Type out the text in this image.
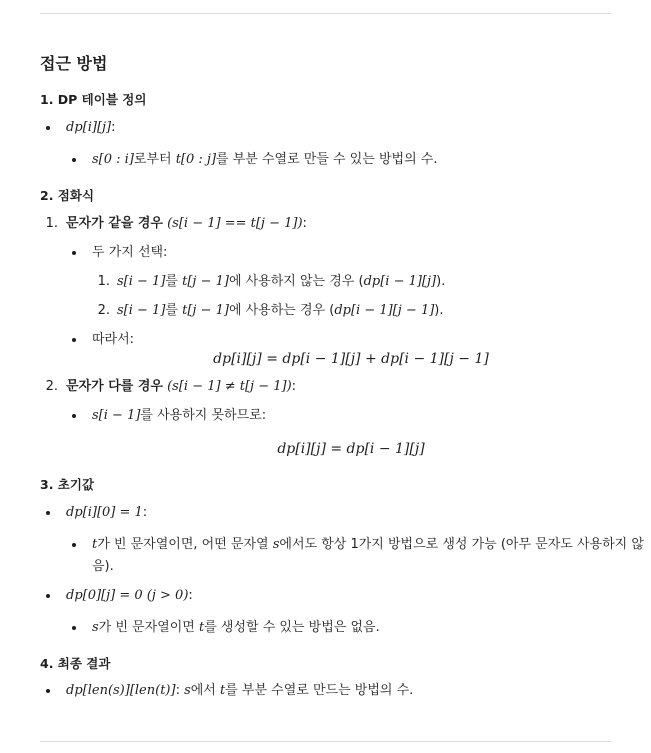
접근 방법
1. DP 테이블 정의
dp[i][j]:
s[0 : i]로부터 t[0 : j]를 부분 수열로 만들 수 있는 방법의 수.
2. 점화식
1. 문자가 같을 경우 (s[i − 1] == t[j − 1]):
두 가지 선택:
1. s[i − 1]를 t[j − 1]에 사용하지 않는 경우 (dp[i − 1][j]).
2. s[i − 1]를 t[j − 1]에 사용하는 경우 (dp[i − 1][j − 1]).
따라서:
dp[i][j] = dp[i − 1][j] + dp[i − 1][j − 1]
2. 문자가 다를 경우 (s[i − 1] ≠ t[j − 1]):
s[i − 1]를 사용하지 못하므로:
dp[i][j] = dp[i − 1][j]
3. 초기값
dp[i][0] = 1:
t가 빈 문자열이면, 어떤 문자열 s에서도 항상 1가지 방법으로 생성 가능 (아무 문자도 사용하지 않
음).
dp[0][j] = 0 (j > 0):
s가 빈 문자열이면 t를 생성할 수 있는 방법은 없음.
4. 최종 결과
dp[len(s)][len(t)]: s에서 t를 부분 수열로 만드는 방법의 수.
